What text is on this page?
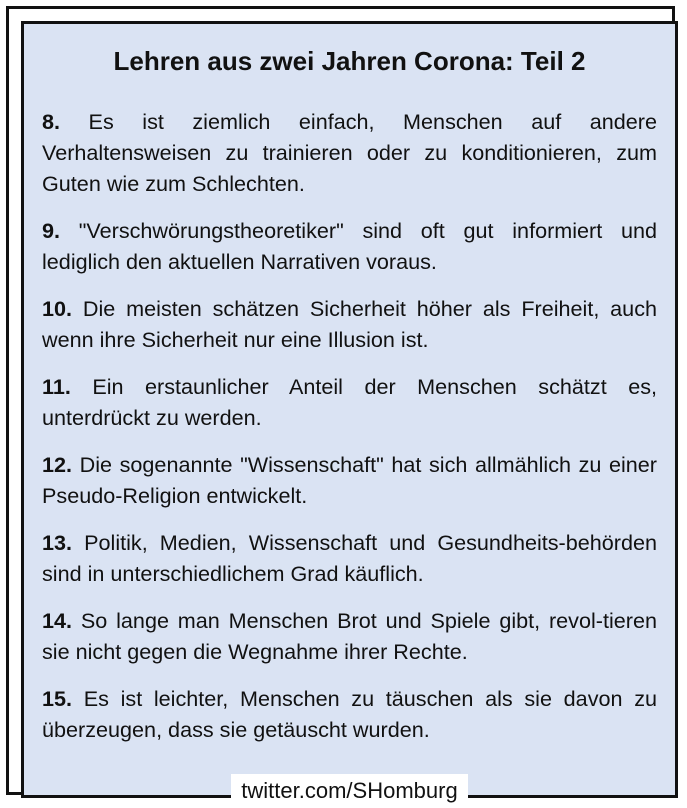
Lehren aus zwei Jahren Corona: Teil 2
8. Es ist ziemlich einfach, Menschen auf andere Verhaltensweisen zu trainieren oder zu konditionieren, zum Guten wie zum Schlechten.
9. "Verschwörungstheoretiker" sind oft gut informiert und lediglich den aktuellen Narrativen voraus.
10. Die meisten schätzen Sicherheit höher als Freiheit, auch wenn ihre Sicherheit nur eine Illusion ist.
11. Ein erstaunlicher Anteil der Menschen schätzt es, unterdrückt zu werden.
12. Die sogenannte "Wissenschaft" hat sich allmählich zu einer Pseudo-Religion entwickelt.
13. Politik, Medien, Wissenschaft und Gesundheits-behörden sind in unterschiedlichem Grad käuflich.
14. So lange man Menschen Brot und Spiele gibt, revol-tieren sie nicht gegen die Wegnahme ihrer Rechte.
15. Es ist leichter, Menschen zu täuschen als sie davon zu überzeugen, dass sie getäuscht wurden.
twitter.com/SHomburg
